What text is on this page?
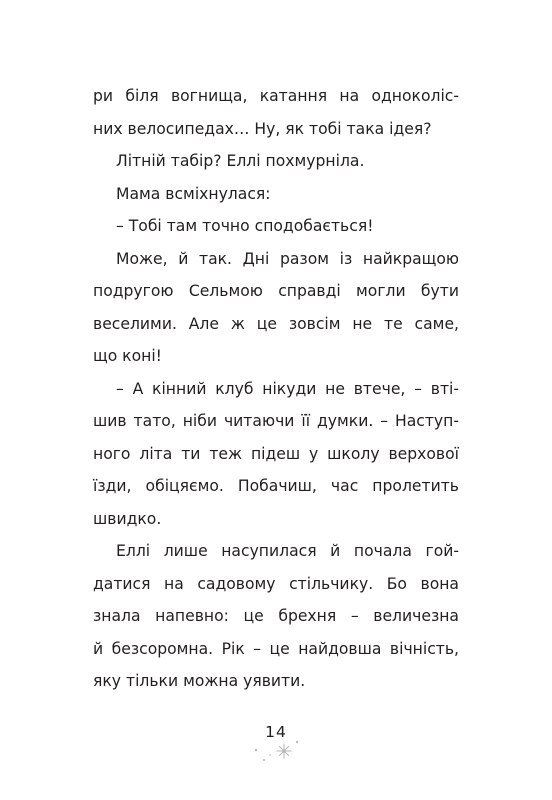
ри біля вогнища, катання на одноколіс-
них велосипедах… Ну, як тобі така ідея?
Літній табір? Еллі похмурніла.
Мама всміхнулася:
– Тобі там точно сподобається!
Може, й так. Дні разом із найкращою
подругою Сельмою справді могли бути
веселими. Але ж це зовсім не те саме,
що коні!
– А кінний клуб нікуди не втече, – вті-
шив тато, ніби читаючи її думки. – Наступ-
ного літа ти теж підеш у школу верхової
їзди, обіцяємо. Побачиш, час пролетить
швидко.
Еллі лише насупилася й почала гой-
датися на садовому стільчику. Бо вона
знала напевно: це брехня – величезна
й безсоромна. Рік – це найдовша вічність,
яку тільки можна уявити.
14
